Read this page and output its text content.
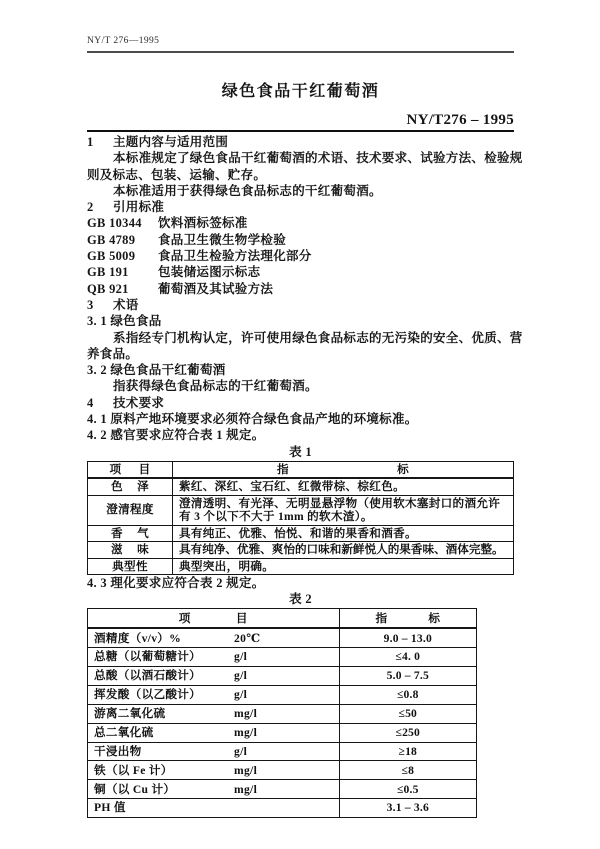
NY/T 276—1995
绿色食品干红葡萄酒
NY/T276 – 1995
1 主题内容与适用范围
本标准规定了绿色食品干红葡萄酒的术语、技术要求、试验方法、检验规
则及标志、包装、运输、贮存。
本标准适用于获得绿色食品标志的干红葡萄酒。
2 引用标准
GB 10344	饮料酒标签标准
GB 4789	食品卫生微生物学检验
GB 5009	食品卫生检验方法理化部分
GB 191	包装储运图示标志
QB 921	葡萄酒及其试验方法
3 术语
3. 1 绿色食品
系指经专门机构认定，许可使用绿色食品标志的无污染的安全、优质、营
养食品。
3. 2 绿色食品干红葡萄酒
指获得绿色食品标志的干红葡萄酒。
4 技术要求
4. 1 原料产地环境要求必须符合绿色食品产地的环境标准。
4. 2 感官要求应符合表 1 规定。
表 1
项 目	指 标
色 泽	紫红、深红、宝石红、红微带棕、棕红色。
澄清程度	澄清透明、有光泽、无明显悬浮物（使用软木塞封口的酒允许有 3 个以下不大于 1mm 的软木渣）。
香 气	具有纯正、优雅、怡悦、和谐的果香和酒香。
滋 味	具有纯净、优雅、爽怡的口味和新鲜悦人的果香味、酒体完整。
典型性	典型突出，明确。
4. 3 理化要求应符合表 2 规定。
表 2
项 目	指 标

酒精度（v/v）% 20℃	9.0 – 13.0

总糖（以葡萄糖计） g/l	≤4. 0

总酸（以酒石酸计） g/l	5.0 – 7.5

挥发酸（以乙酸计） g/l	≤0.8

游离二氧化硫 mg/l	≤50

总二氧化硫 mg/l	≤250

干浸出物 g/l	≥18

铁（以 Fe 计） mg/l	≤8

铜（以 Cu 计） mg/l	≤0.5

PH 值	3.1 – 3.6
